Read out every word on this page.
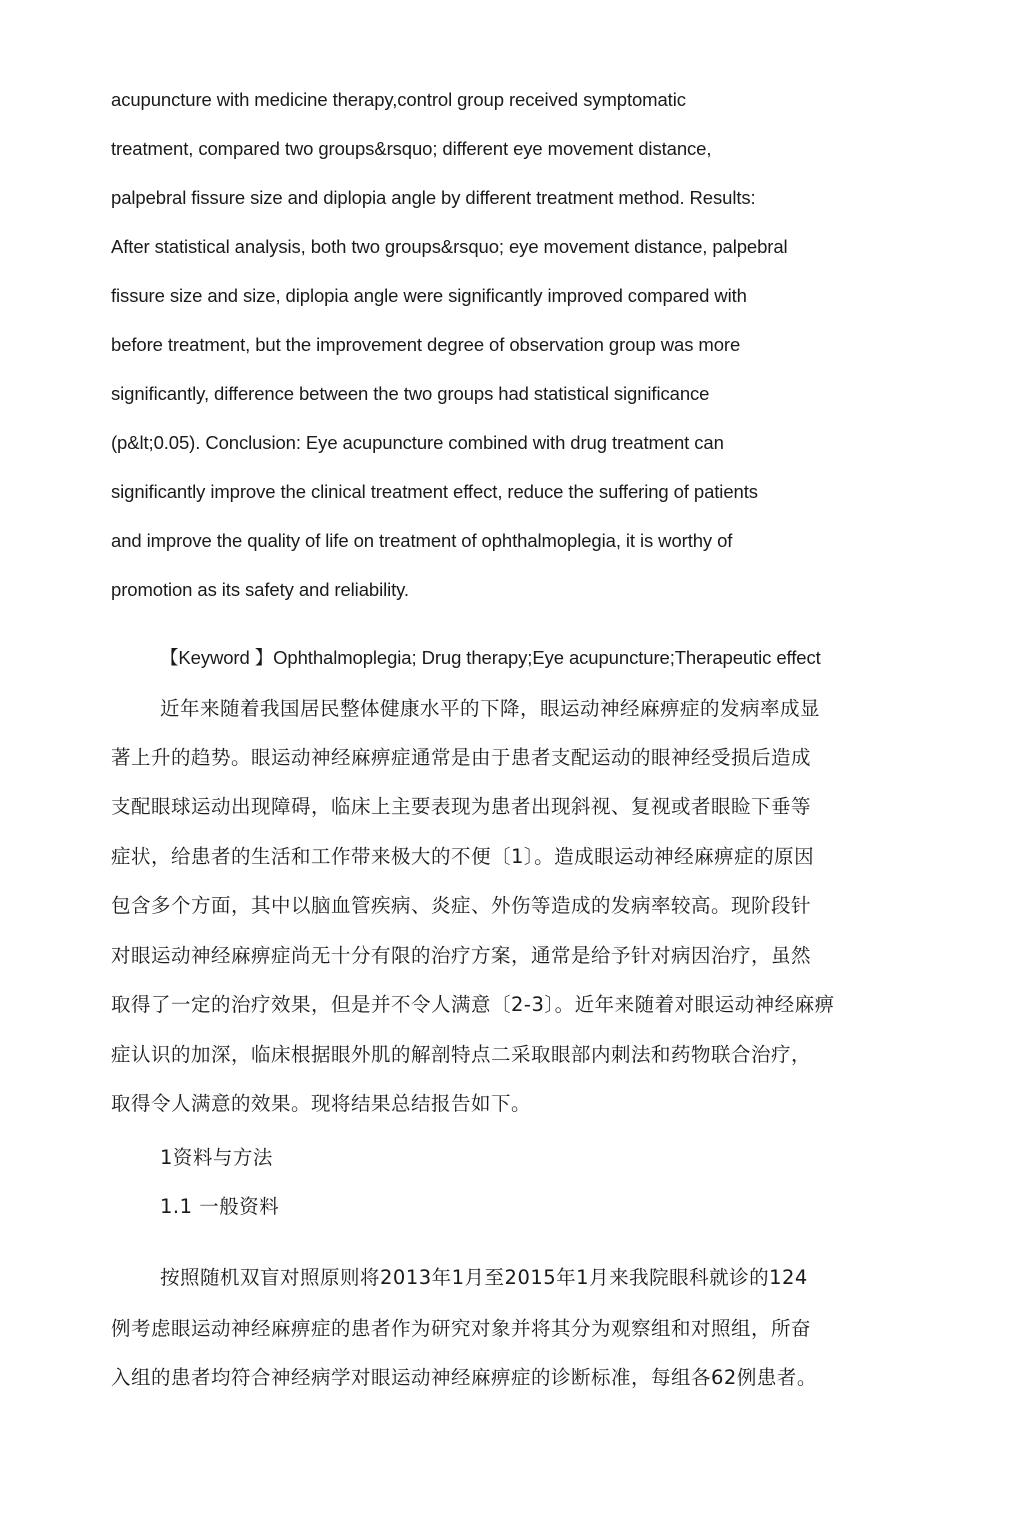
acupuncture with medicine therapy,control group received symptomatic
treatment, compared two groups&rsquo; different eye movement distance,
palpebral fissure size and diplopia angle by different treatment method. Results:
After statistical analysis, both two groups&rsquo; eye movement distance, palpebral
fissure size and size, diplopia angle were significantly improved compared with
before treatment, but the improvement degree of observation group was more
significantly, difference between the two groups had statistical significance
(p&lt;0.05). Conclusion: Eye acupuncture combined with drug treatment can
significantly improve the clinical treatment effect, reduce the suffering of patients
and improve the quality of life on treatment of ophthalmoplegia, it is worthy of
promotion as its safety and reliability.
【Keyword 】Ophthalmoplegia; Drug therapy;Eye acupuncture;Therapeutic effect
近年来随着我国居民整体健康水平的下降，眼运动神经麻痹症的发病率成显
著上升的趋势。眼运动神经麻痹症通常是由于患者支配运动的眼神经受损后造成
支配眼球运动出现障碍，临床上主要表现为患者出现斜视、复视或者眼睑下垂等
症状，给患者的生活和工作带来极大的不便〔1〕。造成眼运动神经麻痹症的原因
包含多个方面，其中以脑血管疾病、炎症、外伤等造成的发病率较高。现阶段针
对眼运动神经麻痹症尚无十分有限的治疗方案，通常是给予针对病因治疗，虽然
取得了一定的治疗效果，但是并不令人满意〔2-3〕。近年来随着对眼运动神经麻痹
症认识的加深，临床根据眼外肌的解剖特点二采取眼部内刺法和药物联合治疗，
取得令人满意的效果。现将结果总结报告如下。
1资料与方法
1.1 一般资料
按照随机双盲对照原则将2013年1月至2015年1月来我院眼科就诊的124
例考虑眼运动神经麻痹症的患者作为研究对象并将其分为观察组和对照组，所奋
入组的患者均符合神经病学对眼运动神经麻痹症的诊断标准，每组各62例患者。
